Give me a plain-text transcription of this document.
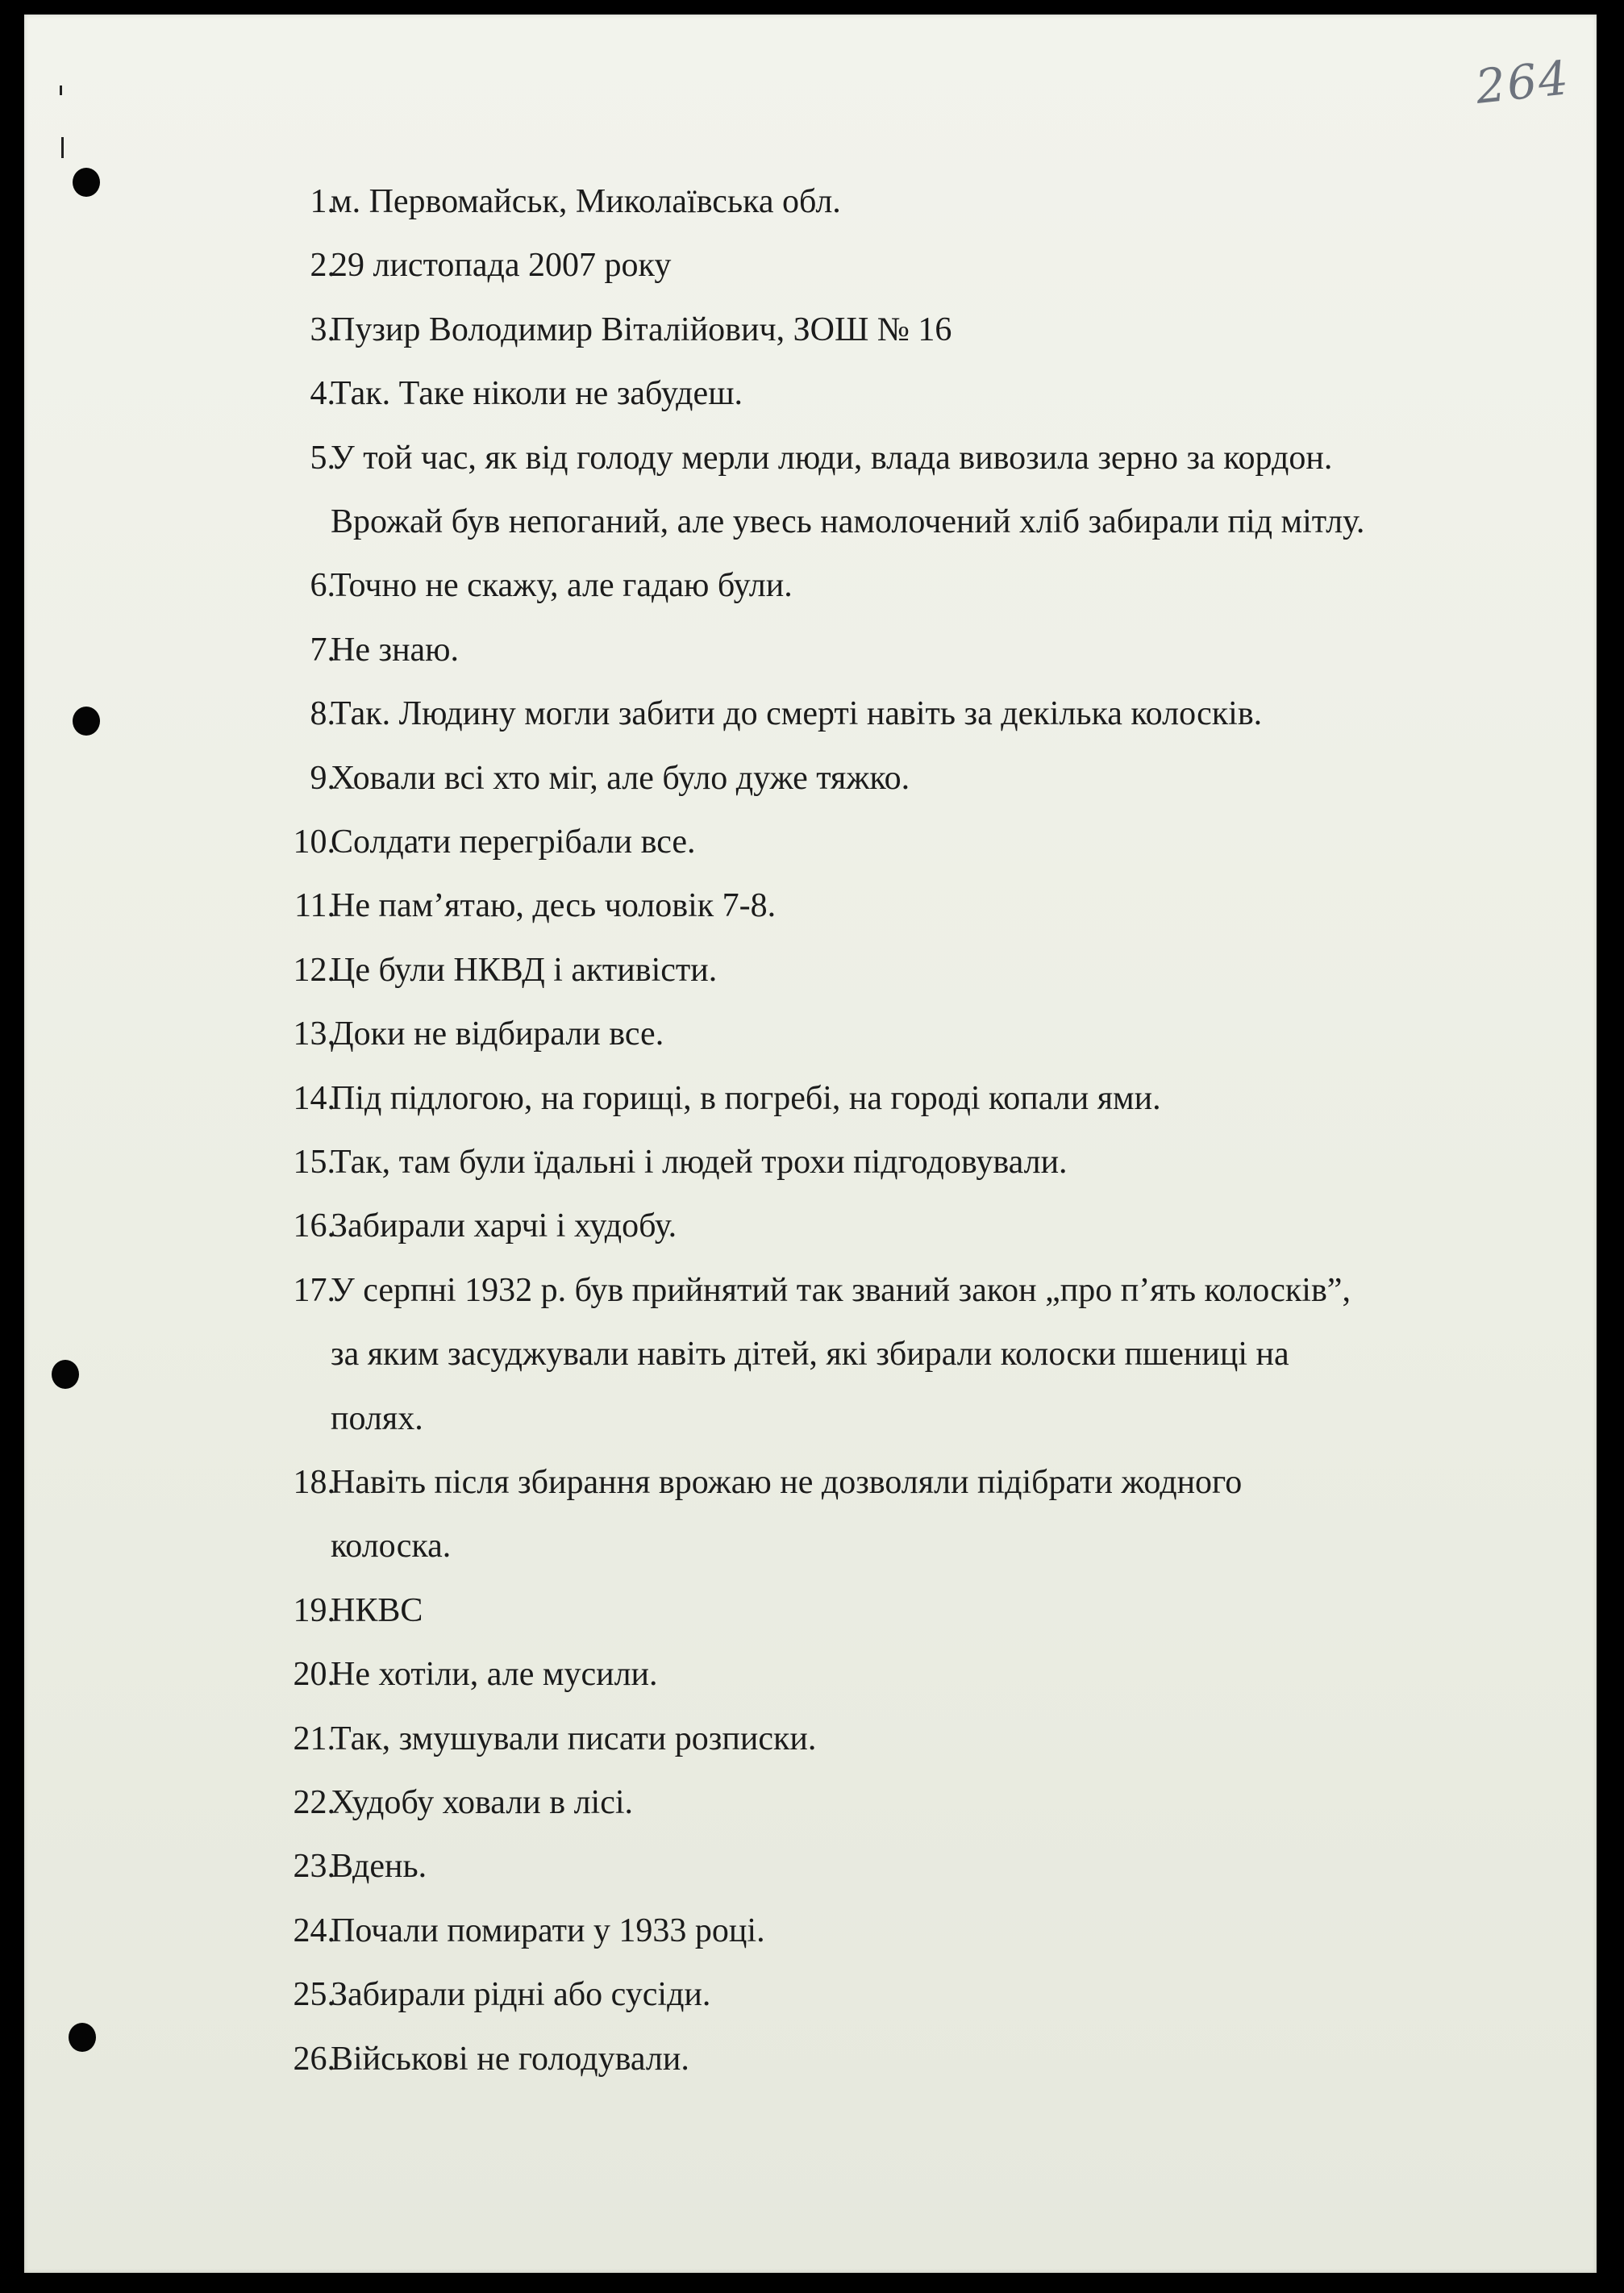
264
1.
м. Первомайськ, Миколаївська обл.
2.
29 листопада 2007 року
3.
Пузир Володимир Віталійович, ЗОШ № 16
4.
Так. Таке ніколи не забудеш.
5.
У той час, як від голоду мерли люди, влада вивозила зерно за кордон.
Врожай був непоганий, але увесь намолочений хліб забирали під мітлу.
6.
Точно не скажу, але гадаю були.
7.
Не знаю.
8.
Так. Людину могли забити до смерті навіть за декілька колосків.
9.
Ховали всі хто міг, але було дуже тяжко.
10.
Солдати перегрібали все.
11.
Не пам’ятаю, десь чоловік 7-8.
12.
Це були НКВД і активісти.
13.
Доки не відбирали все.
14.
Під підлогою, на горищі, в погребі, на городі копали ями.
15.
Так, там були їдальні і людей трохи підгодовували.
16.
Забирали харчі і худобу.
17.
У серпні 1932 р. був прийнятий так званий закон „про п’ять колосків”,
за яким засуджували навіть дітей, які збирали колоски пшениці на
полях.
18.
Навіть після збирання врожаю не дозволяли підібрати жодного
колоска.
19.
НКВС
20.
Не хотіли, але мусили.
21.
Так, змушували писати розписки.
22.
Худобу ховали в лісі.
23.
Вдень.
24.
Почали помирати у 1933 році.
25.
Забирали рідні або сусіди.
26.
Військові не голодували.
